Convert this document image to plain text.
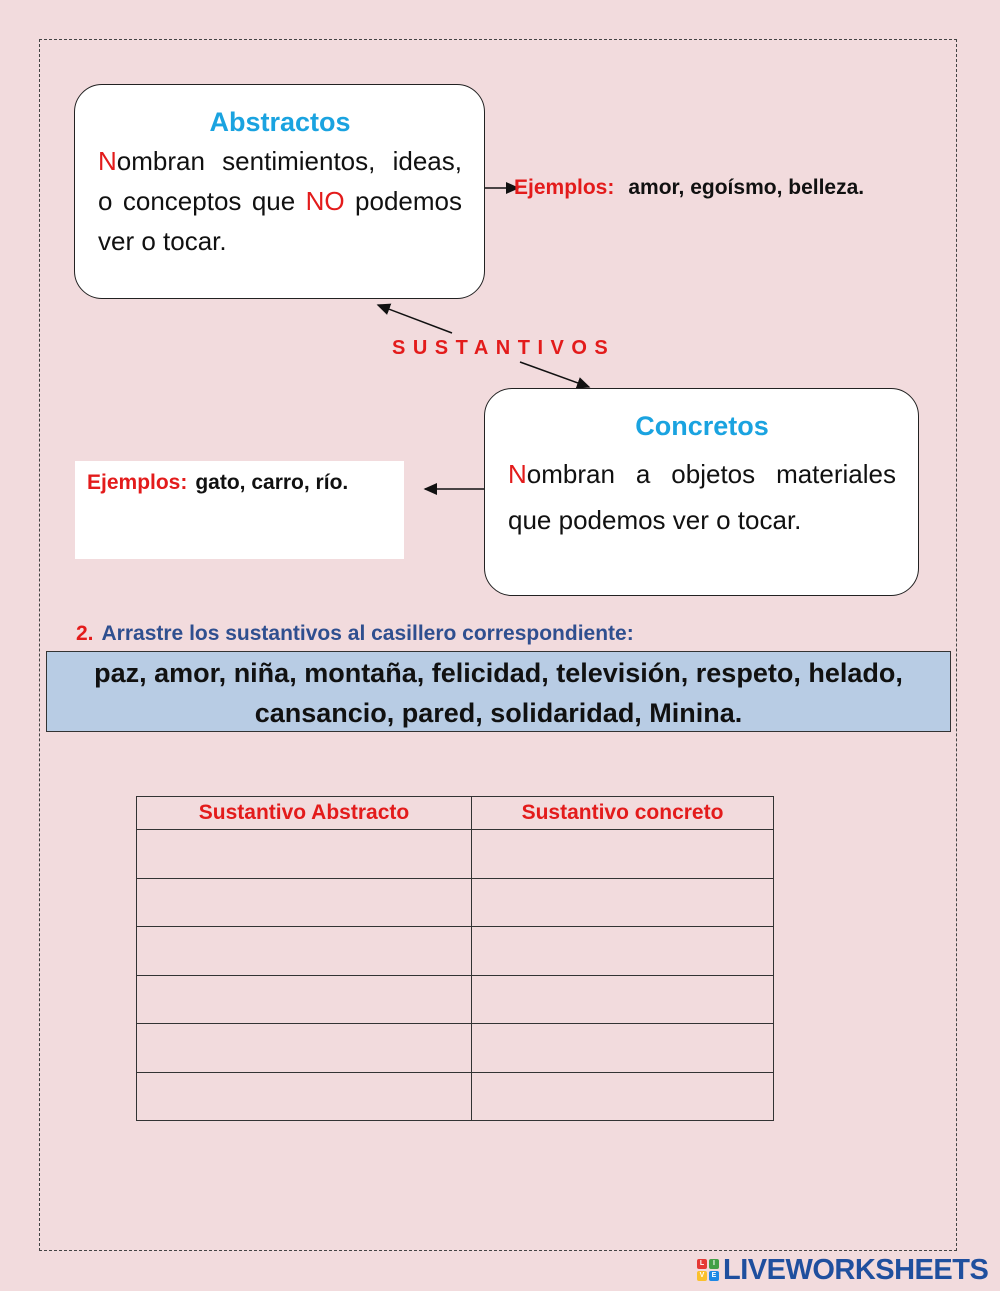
Abstractos
Nombran sentimientos, ideas, o conceptos que NO podemos ver o tocar.
Ejemplos: amor, egoísmo, belleza.
SUSTANTIVOS
Concretos
Nombran a objetos materiales que podemos ver o tocar.
Ejemplos: gato, carro, río.
2. Arrastre los sustantivos al casillero correspondiente:
paz, amor, niña, montaña, felicidad, televisión, respeto, helado,
cansancio, pared, solidaridad, Minina.
Sustantivo Abstracto	Sustantivo concreto

L	I
V	E LIVEWORKSHEETS
